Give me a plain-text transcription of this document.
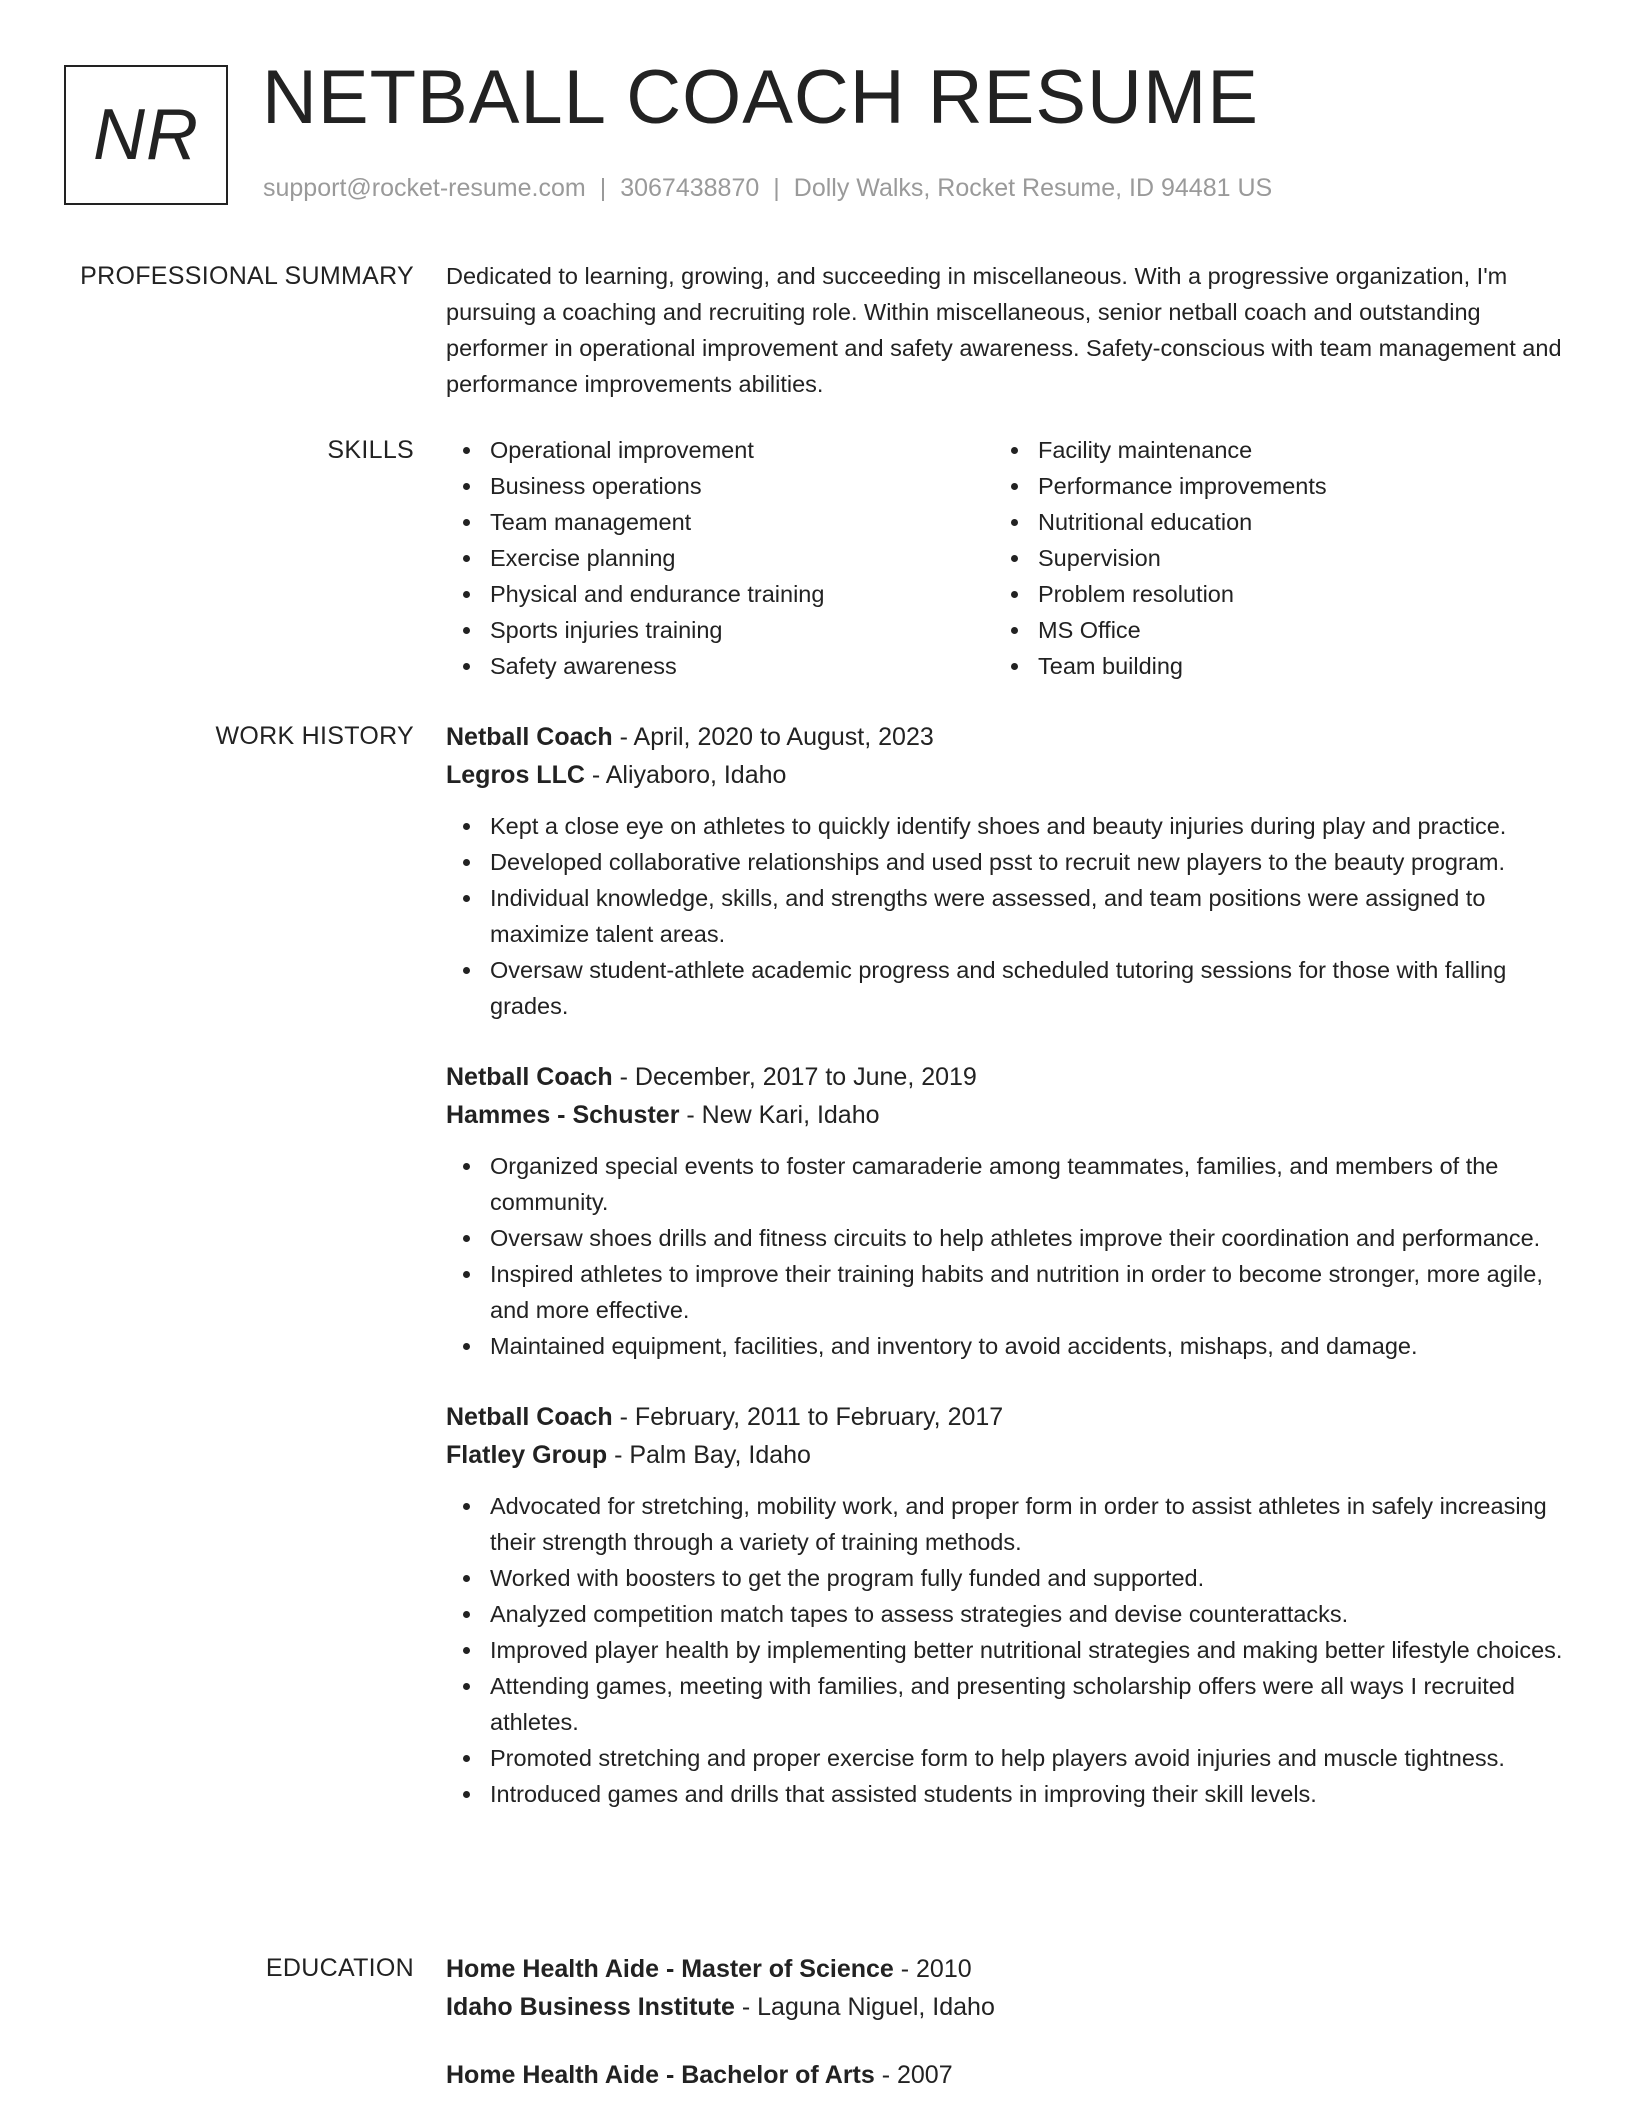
NR NETBALL COACH RESUME
support@rocket-resume.com | 3067438870 | Dolly Walks, Rocket Resume, ID 94481 US
PROFESSIONAL SUMMARY Dedicated to learning, growing, and succeeding in miscellaneous. With a progressive organization, I'm pursuing a coaching and recruiting role. Within miscellaneous, senior netball coach and outstanding performer in operational improvement and safety awareness. Safety-conscious with team management and performance improvements abilities.

SKILLS	Operational improvement
Business operations
Team management
Exercise planning
Physical and endurance training
Sports injuries training
Safety awareness
Facility maintenance
Performance improvements
Nutritional education
Supervision
Problem resolution
MS Office
Team building
WORK HISTORY Netball Coach - April, 2020 to August, 2023
Legros LLC - Aliyaboro, Idaho
Kept a close eye on athletes to quickly identify shoes and beauty injuries during play and practice.
Developed collaborative relationships and used psst to recruit new players to the beauty program.
Individual knowledge, skills, and strengths were assessed, and team positions were assigned to maximize talent areas.
Oversaw student-athlete academic progress and scheduled tutoring sessions for those with falling grades.
Netball Coach - December, 2017 to June, 2019
Hammes - Schuster - New Kari, Idaho
Organized special events to foster camaraderie among teammates, families, and members of the community.
Oversaw shoes drills and fitness circuits to help athletes improve their coordination and performance.
Inspired athletes to improve their training habits and nutrition in order to become stronger, more agile, and more effective.
Maintained equipment, facilities, and inventory to avoid accidents, mishaps, and damage.
Netball Coach - February, 2011 to February, 2017
Flatley Group - Palm Bay, Idaho
Advocated for stretching, mobility work, and proper form in order to assist athletes in safely increasing their strength through a variety of training methods.
Worked with boosters to get the program fully funded and supported.
Analyzed competition match tapes to assess strategies and devise counterattacks.
Improved player health by implementing better nutritional strategies and making better lifestyle choices.
Attending games, meeting with families, and presenting scholarship offers were all ways I recruited athletes.
Promoted stretching and proper exercise form to help players avoid injuries and muscle tightness.
Introduced games and drills that assisted students in improving their skill levels.
EDUCATION Home Health Aide - Master of Science - 2010
Idaho Business Institute - Laguna Niguel, Idaho
Home Health Aide - Bachelor of Arts - 2007
